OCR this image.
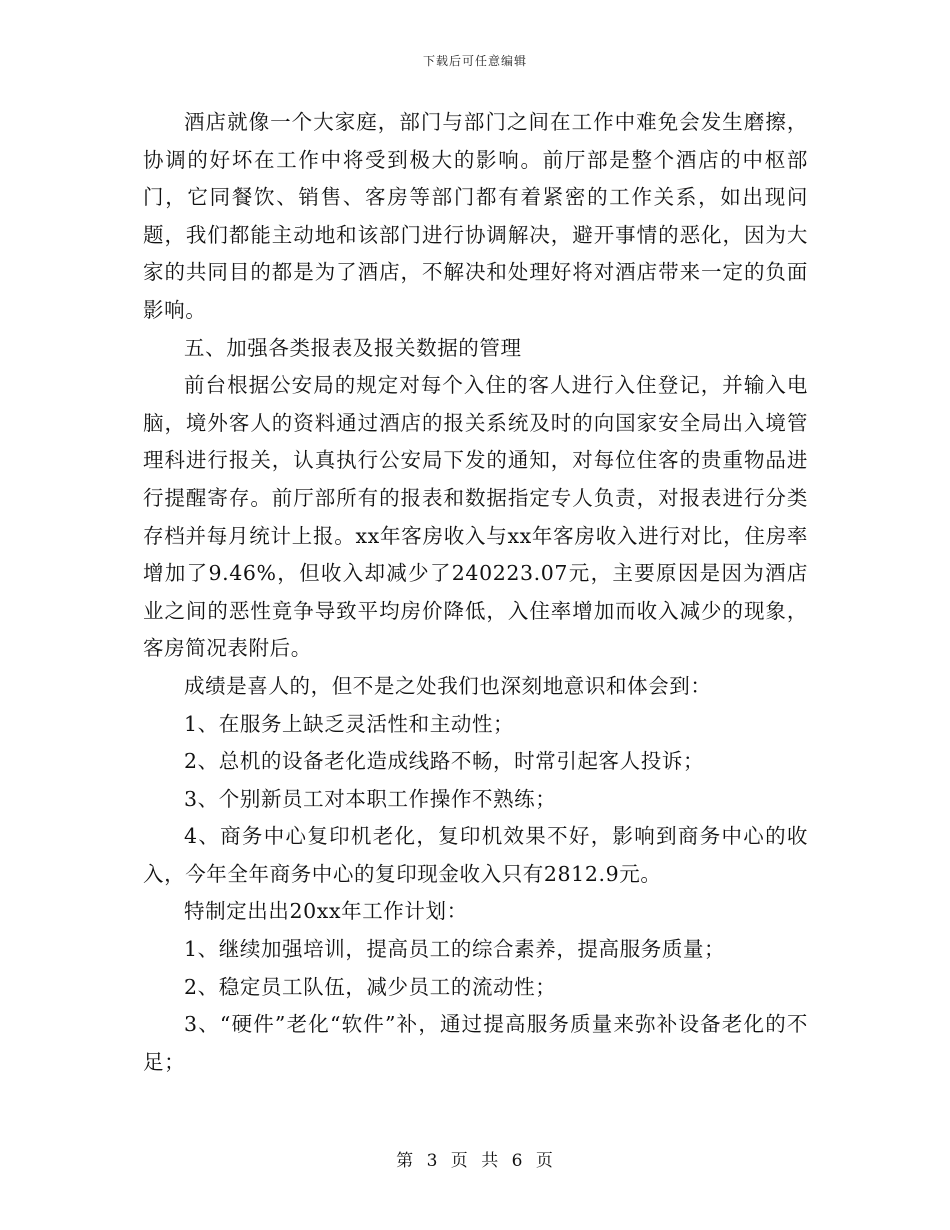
下载后可任意编辑

酒店就像一个大家庭，部门与部门之间在工作中难免会发生磨擦，协调的好坏在工作中将受到极大的影响。前厅部是整个酒店的中枢部门，它同餐饮、销售、客房等部门都有着紧密的工作关系，如出现问题，我们都能主动地和该部门进行协调解决，避开事情的恶化，因为大家的共同目的都是为了酒店，不解决和处理好将对酒店带来一定的负面影响。

五、加强各类报表及报关数据的管理

前台根据公安局的规定对每个入住的客人进行入住登记，并输入电脑，境外客人的资料通过酒店的报关系统及时的向国家安全局出入境管理科进行报关，认真执行公安局下发的通知，对每位住客的贵重物品进行提醒寄存。前厅部所有的报表和数据指定专人负责，对报表进行分类存档并每月统计上报。xx年客房收入与xx年客房收入进行对比，住房率增加了9.46%，但收入却减少了240223.07元，主要原因是因为酒店业之间的恶性竟争导致平均房价降低，入住率增加而收入减少的现象，客房简况表附后。

成绩是喜人的，但不是之处我们也深刻地意识和体会到：

1、在服务上缺乏灵活性和主动性；

2、总机的设备老化造成线路不畅，时常引起客人投诉；

3、个别新员工对本职工作操作不熟练；

4、商务中心复印机老化，复印机效果不好，影响到商务中心的收入，今年全年商务中心的复印现金收入只有2812.9元。

特制定出出20xx年工作计划：

1、继续加强培训，提高员工的综合素养，提高服务质量；

2、稳定员工队伍，减少员工的流动性；

3、“硬件”老化“软件”补，通过提高服务质量来弥补设备老化的不足；

第 3 页 共 6 页
